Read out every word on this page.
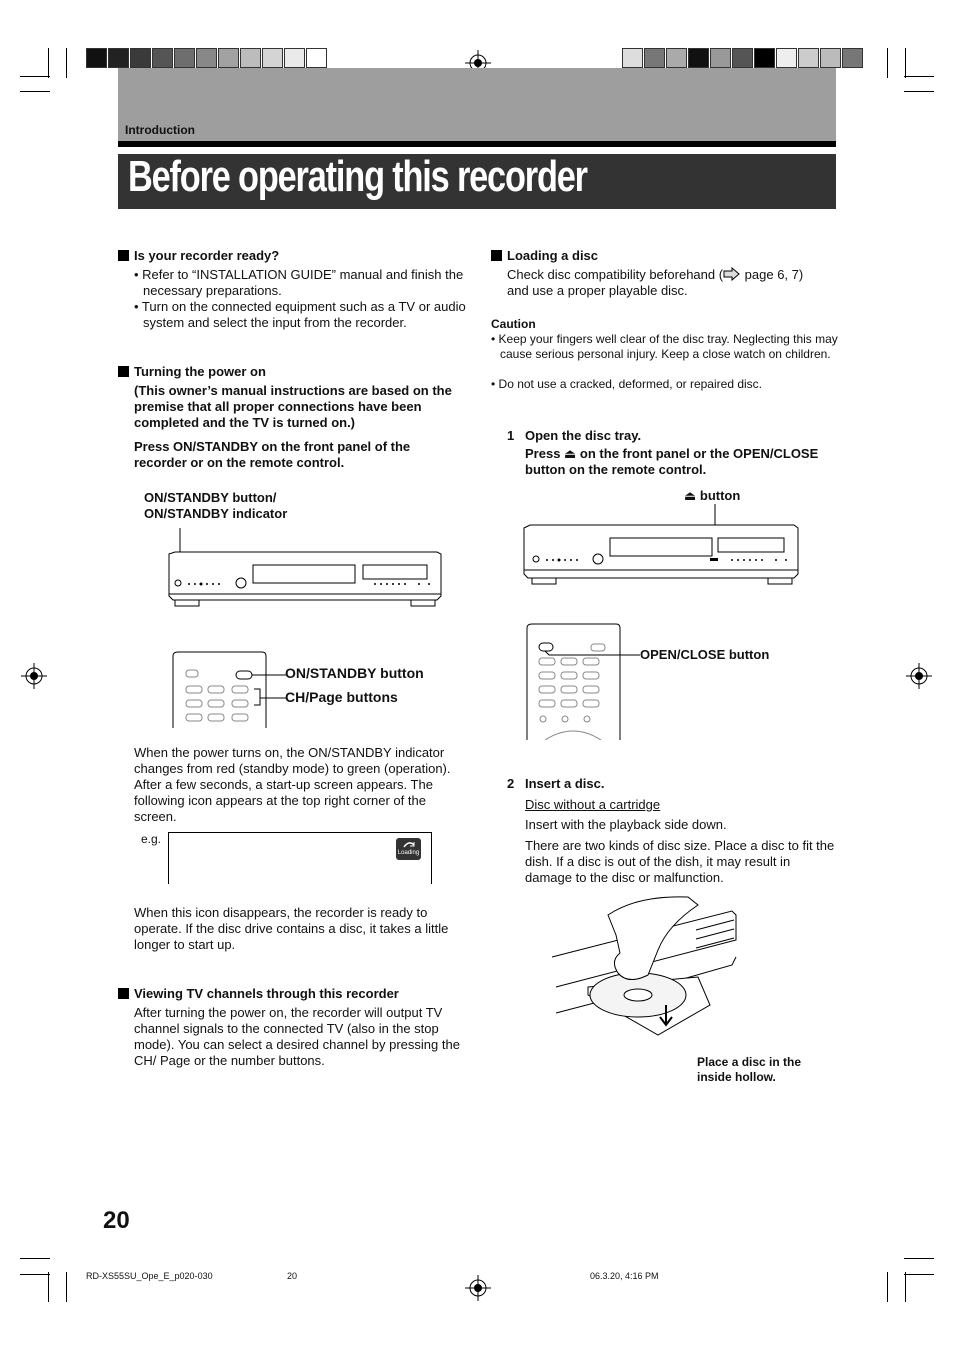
Introduction
Before operating this recorder
Is your recorder ready?
• Refer to “INSTALLATION GUIDE” manual and finish the necessary preparations.
• Turn on the connected equipment such as a TV or audio system and select the input from the recorder.
Turning the power on
(This owner’s manual instructions are based on the premise that all proper connections have been completed and the TV is turned on.)
Press ON/STANDBY on the front panel of the recorder or on the remote control.
ON/STANDBY button/ ON/STANDBY indicator
ON/STANDBY button
CH/Page buttons
When the power turns on, the ON/STANDBY indicator changes from red (standby mode) to green (operation). After a few seconds, a start-up screen appears. The following icon appears at the top right corner of the screen.
e.g.
Loading
When this icon disappears, the recorder is ready to operate. If the disc drive contains a disc, it takes a little longer to start up.
Viewing TV channels through this recorder
After turning the power on, the recorder will output TV channel signals to the connected TV (also in the stop mode). You can select a desired channel by pressing the CH/ Page or the number buttons.
Loading a disc
Check disc compatibility beforehand ( page 6, 7) and use a proper playable disc.
Caution
• Keep your fingers well clear of the disc tray. Neglecting this may cause serious personal injury. Keep a close watch on children.
• Do not use a cracked, deformed, or repaired disc.
1 Open the disc tray.
Press ⏏ on the front panel or the OPEN/CLOSE button on the remote control.
⏏ button
OPEN/CLOSE button
2 Insert a disc.
Disc without a cartridge
Insert with the playback side down.
There are two kinds of disc size. Place a disc to fit the dish. If a disc is out of the dish, it may result in damage to the disc or malfunction.
Place a disc in the inside hollow.
20
RD-XS55SU_Ope_E_p020-030	20	06.3.20, 4:16 PM
